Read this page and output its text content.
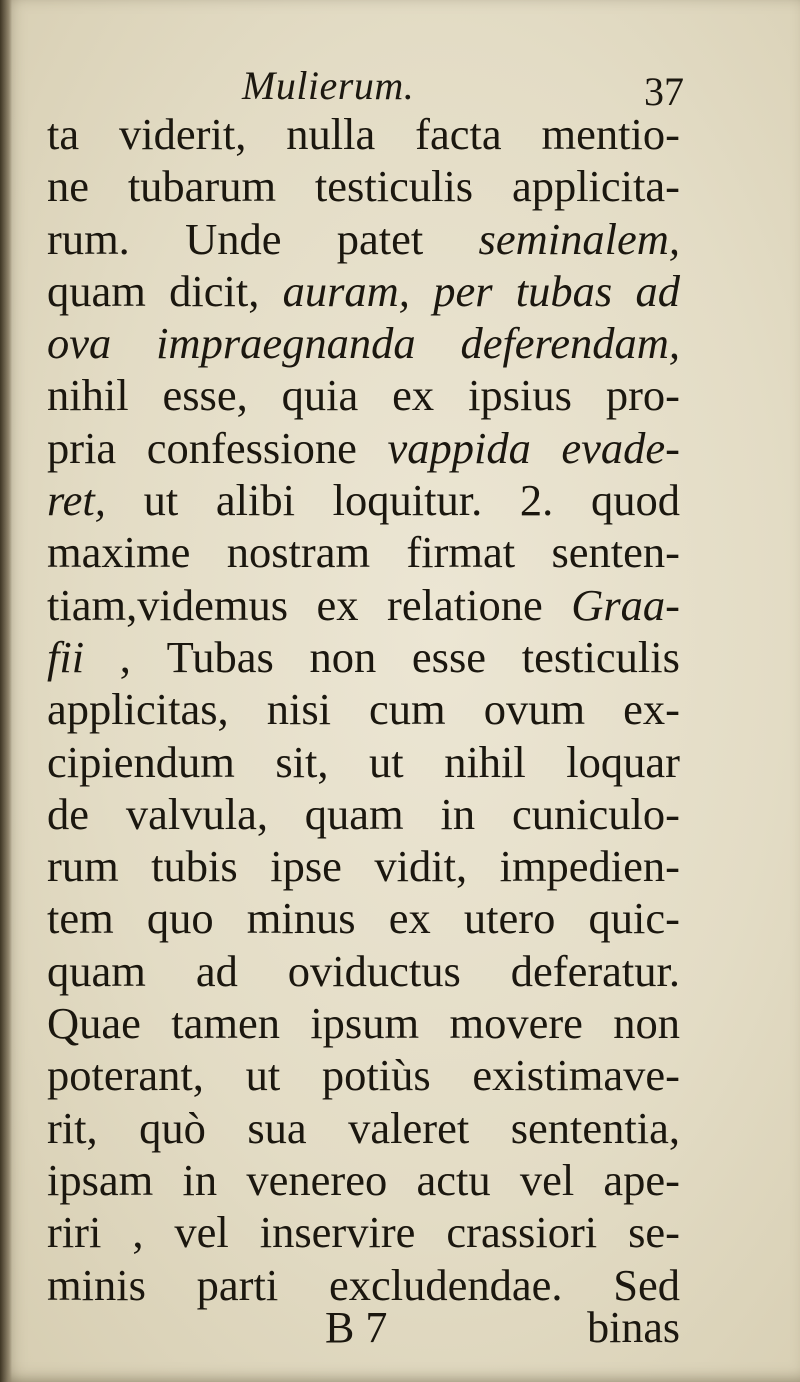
Mulierum.	37
ta viderit, nulla facta mentio-
ne tubarum testiculis applicita-
rum. Unde patet seminalem,
quam dicit, auram, per tubas ad
ova impraegnanda deferendam,
nihil esse, quia ex ipsius pro-
pria confessione vappida evade-
ret, ut alibi loquitur. 2. quod
maxime nostram firmat senten-
tiam,videmus ex relatione Graa-
fii , Tubas non esse testiculis
applicitas, nisi cum ovum ex-
cipiendum sit, ut nihil loquar
de valvula, quam in cuniculo-
rum tubis ipse vidit, impedien-
tem quo minus ex utero quic-
quam ad oviductus deferatur.
Quae tamen ipsum movere non
poterant, ut potiùs existimave-
rit, quò sua valeret sententia,
ipsam in venereo actu vel ape-
riri , vel inservire crassiori se-
minis parti excludendae. Sed
B 7	binas
